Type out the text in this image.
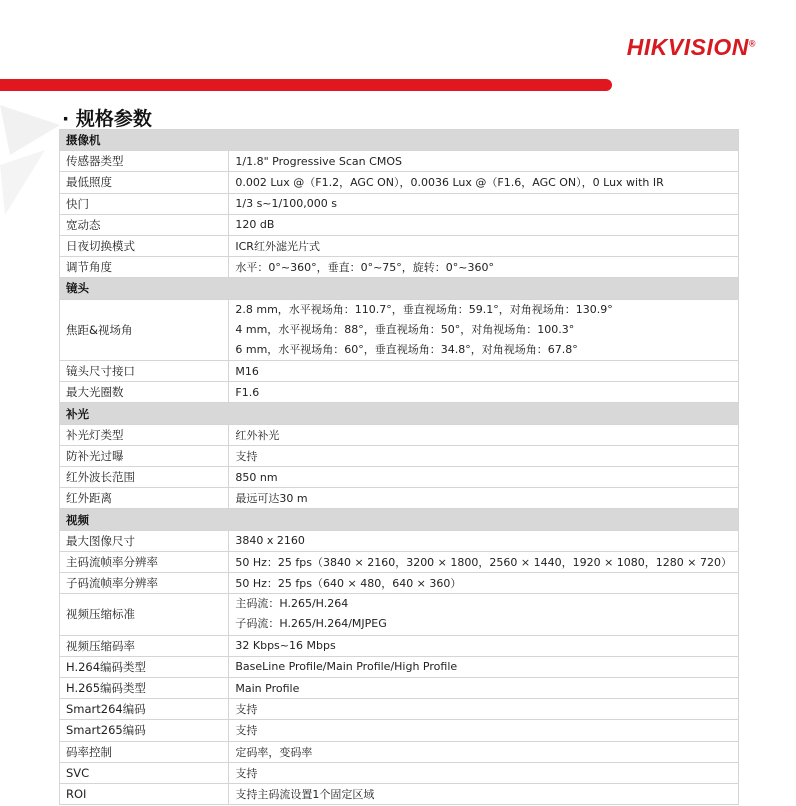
HIKVISION®
· 规格参数
摄像机	
传感器类型	1/1.8" Progressive Scan CMOS
最低照度	0.002 Lux @（F1.2，AGC ON），0.0036 Lux @（F1.6，AGC ON），0 Lux with IR
快门	1/3 s~1/100,000 s
宽动态	120 dB
日夜切换模式	ICR红外滤光片式
调节角度	水平：0°~360°，垂直：0°~75°，旋转：0°~360°
镜头	
焦距&视场角	2.8 mm，水平视场角：110.7°，垂直视场角：59.1°，对角视场角：130.9°
4 mm，水平视场角：88°，垂直视场角：50°，对角视场角：100.3°
6 mm，水平视场角：60°，垂直视场角：34.8°，对角视场角：67.8°

镜头尺寸接口	M16
最大光圈数	F1.6
补光	
补光灯类型	红外补光
防补光过曝	支持
红外波长范围	850 nm
红外距离	最远可达30 m
视频	
最大图像尺寸	3840 x 2160
主码流帧率分辨率	50 Hz：25 fps（3840 × 2160，3200 × 1800，2560 × 1440，1920 × 1080，1280 × 720）
子码流帧率分辨率	50 Hz：25 fps（640 × 480，640 × 360）
视频压缩标准	主码流：H.265/H.264
子码流：H.265/H.264/MJPEG

视频压缩码率	32 Kbps~16 Mbps
H.264编码类型	BaseLine Profile/Main Profile/High Profile
H.265编码类型	Main Profile
Smart264编码	支持
Smart265编码	支持
码率控制	定码率，变码率
SVC	支持
ROI	支持主码流设置1个固定区域
